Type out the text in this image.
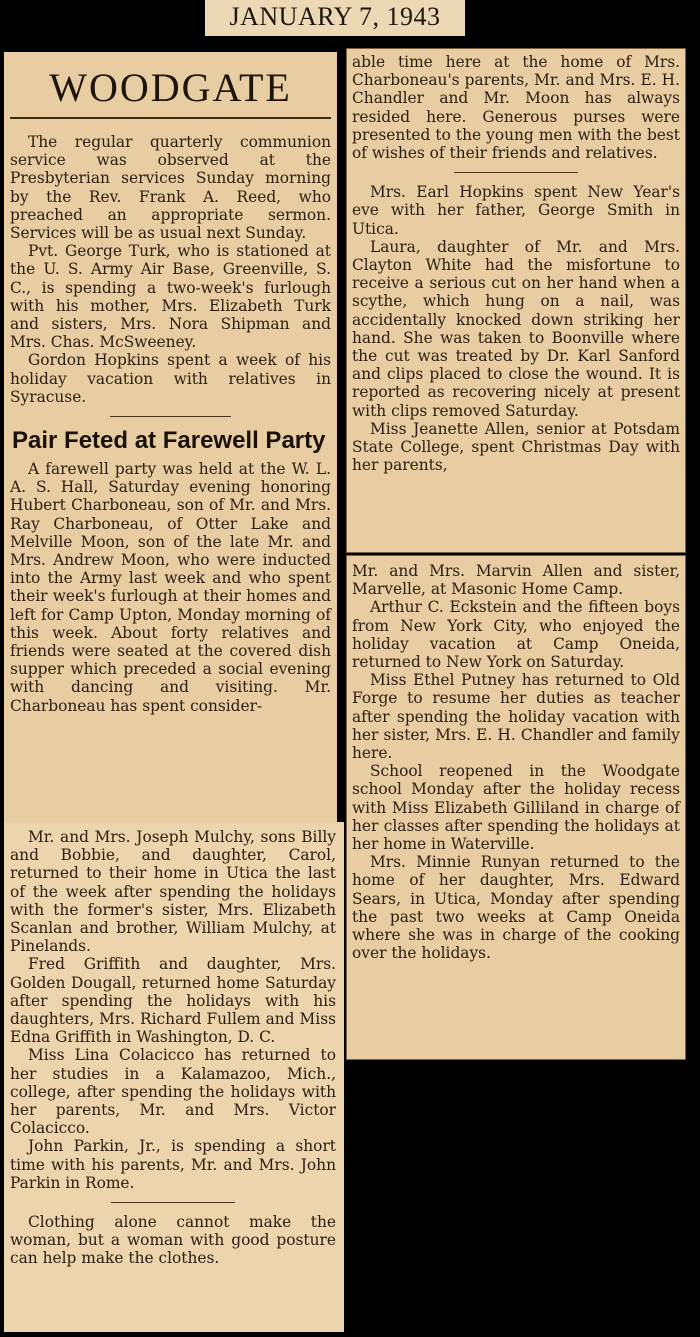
JANUARY 7, 1943
WOODGATE

The regular quarterly communion service was observed at the Presbyterian services Sunday morning by the Rev. Frank A. Reed, who preached an appropriate sermon. Services will be as usual next Sunday.

Pvt. George Turk, who is stationed at the U. S. Army Air Base, Greenville, S. C., is spending a two-week's furlough with his mother, Mrs. Elizabeth Turk and sisters, Mrs. Nora Shipman and Mrs. Chas. McSweeney.

Gordon Hopkins spent a week of his holiday vacation with relatives in Syracuse.

Pair Feted at Farewell Party

A farewell party was held at the W. L. A. S. Hall, Saturday evening honoring Hubert Charboneau, son of Mr. and Mrs. Ray Charboneau, of Otter Lake and Melville Moon, son of the late Mr. and Mrs. Andrew Moon, who were inducted into the Army last week and who spent their week's furlough at their homes and left for Camp Upton, Monday morning of this week. About forty relatives and friends were seated at the covered dish supper which preceded a social evening with dancing and visiting. Mr. Charboneau has spent consider-

Mr. and Mrs. Joseph Mulchy, sons Billy and Bobbie, and daughter, Carol, returned to their home in Utica the last of the week after spending the holidays with the former's sister, Mrs. Elizabeth Scanlan and brother, William Mulchy, at Pinelands.

Fred Griffith and daughter, Mrs. Golden Dougall, returned home Saturday after spending the holidays with his daughters, Mrs. Richard Fullem and Miss Edna Griffith in Washington, D. C.

Miss Lina Colacicco has returned to her studies in a Kalamazoo, Mich., college, after spending the holidays with her parents, Mr. and Mrs. Victor Colacicco.

John Parkin, Jr., is spending a short time with his parents, Mr. and Mrs. John Parkin in Rome.

Clothing alone cannot make the woman, but a woman with good posture can help make the clothes.

able time here at the home of Mrs. Charboneau's parents, Mr. and Mrs. E. H. Chandler and Mr. Moon has always resided here. Generous purses were presented to the young men with the best of wishes of their friends and relatives.

Mrs. Earl Hopkins spent New Year's eve with her father, George Smith in Utica.

Laura, daughter of Mr. and Mrs. Clayton White had the misfortune to receive a serious cut on her hand when a scythe, which hung on a nail, was accidentally knocked down striking her hand. She was taken to Boonville where the cut was treated by Dr. Karl Sanford and clips placed to close the wound. It is reported as recovering nicely at present with clips removed Saturday.

Miss Jeanette Allen, senior at Potsdam State College, spent Christmas Day with her parents,

Mr. and Mrs. Marvin Allen and sister, Marvelle, at Masonic Home Camp.

Arthur C. Eckstein and the fifteen boys from New York City, who enjoyed the holiday vacation at Camp Oneida, returned to New York on Saturday.

Miss Ethel Putney has returned to Old Forge to resume her duties as teacher after spending the holiday vacation with her sister, Mrs. E. H. Chandler and family here.

School reopened in the Woodgate school Monday after the holiday recess with Miss Elizabeth Gilliland in charge of her classes after spending the holidays at her home in Waterville.

Mrs. Minnie Runyan returned to the home of her daughter, Mrs. Edward Sears, in Utica, Monday after spending the past two weeks at Camp Oneida where she was in charge of the cooking over the holidays.
